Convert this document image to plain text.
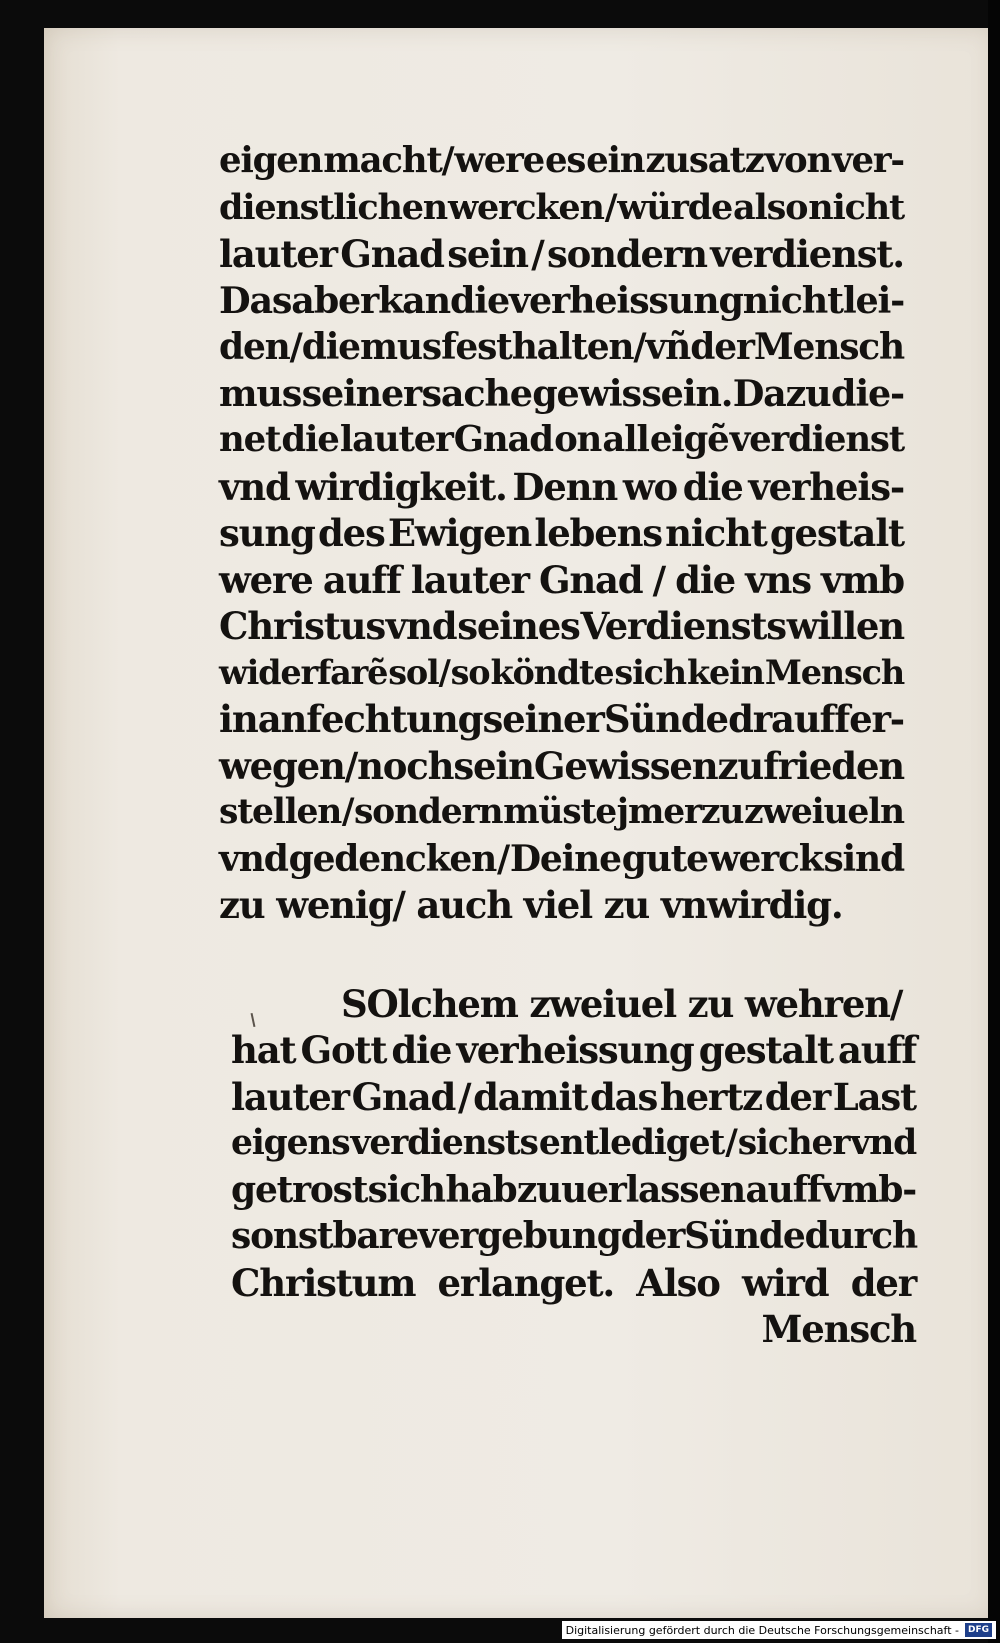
eigen macht/ were es ein zusatz von ver-
dienstlichen wercken / würde also nicht
lauter Gnad sein / sondern verdienst.
Das aber kan die verheissung nicht lei-
den/ die mus fest halten/ vñ der Mensch
mus seiner sache gewis sein. Dazu die-
net die lauter Gnad on all eigẽ verdienst
vnd wirdigkeit. Denn wo die verheis-
sung des Ewigen lebens nicht gestalt
were auff lauter Gnad / die vns vmb
Christus vnd seines Verdiensts willen
widerfarẽ sol/ so köndte sich kein Mensch
in anfechtung seiner Sünde drauff er-
wegen / noch sein Gewissen zu frieden
stellen / sondern müste jmerzu zweiueln
vnd gedencken / Deine gute werck sind
zu wenig/ auch viel zu vnwirdig.
SOlchem zweiuel zu wehren/
hat Gott die verheissung gestalt auff
lauter Gnad / damit das hertz der Last
eigens verdiensts entlediget / sicher vnd
getrost sich hab zuuerlassen auff vmb-
sonstbare vergebung der Sünde durch
Christum erlanget. Also wird der
Mensch
Digitalisierung gefördert durch die Deutsche Forschungsgemeinschaft -	DFG
